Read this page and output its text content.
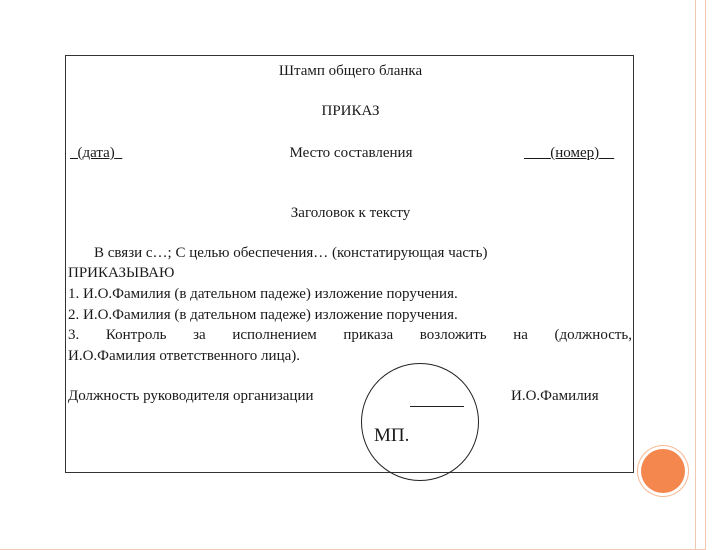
Штамп общего бланка
ПРИКАЗ
(дата)	Место составления	(номер)
Заголовок к тексту
В связи с…; С целью обеспечения… (констатирующая часть)
ПРИКАЗЫВАЮ
1. И.О.Фамилия (в дательном падеже) изложение поручения.
2. И.О.Фамилия (в дательном падеже) изложение поручения.
3. Контроль за исполнением приказа возложить на (должность,
И.О.Фамилия ответственного лица).
Должность руководителя организации	И.О.Фамилия
МП.
